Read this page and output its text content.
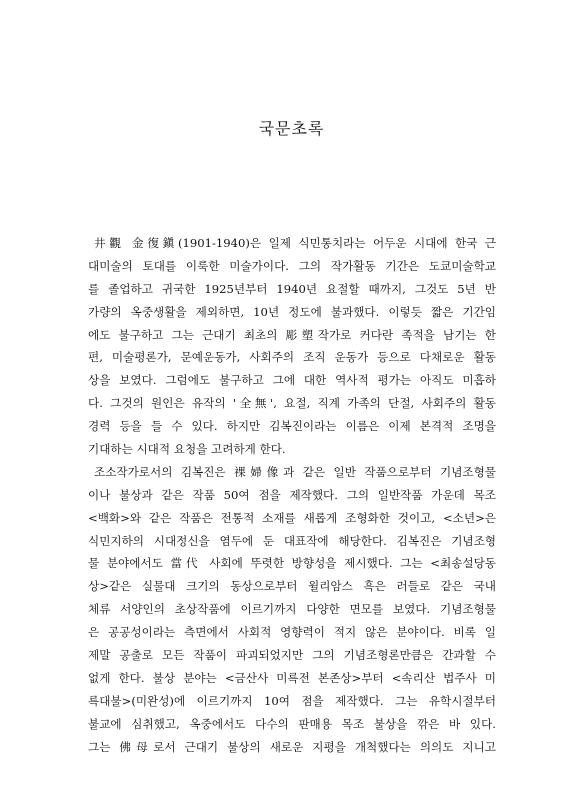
국문초록
井觀 金復鎭(1901-1940)은 일제 식민통치라는 어두운 시대에 한국 근
대미술의 토대를 이룩한 미술가이다. 그의 작가활동 기간은 도쿄미술학교
를 졸업하고 귀국한 1925년부터 1940년 요절할 때까지, 그것도 5년 반
가량의 옥중생활을 제외하면, 10년 정도에 불과했다. 이렇듯 짧은 기간임
에도 불구하고 그는 근대기 최초의 彫塑작가로 커다란 족적을 남기는 한
편, 미술평론가, 문예운동가, 사회주의 조직 운동가 등으로 다채로운 활동
상을 보였다. 그럼에도 불구하고 그에 대한 역사적 평가는 아직도 미흡하
다. 그것의 원인은 유작의 '全無', 요절, 직계 가족의 단절, 사회주의 활동
경력 등을 들 수 있다. 하지만 김복진이라는 이름은 이제 본격적 조명을
기대하는 시대적 요청을 고려하게 한다.
조소작가로서의 김복진은 裸婦像과 같은 일반 작품으로부터 기념조형물
이나 불상과 같은 작품 50여 점을 제작했다. 그의 일반작품 가운데 목조
<백화>와 같은 작품은 전통적 소재를 새롭게 조형화한 것이고, <소년>은
식민지하의 시대정신을 염두에 둔 대표작에 해당한다. 김복진은 기념조형
물 분야에서도 當代 사회에 뚜렷한 방향성을 제시했다. 그는 <최송설당동
상>같은 실물대 크기의 동상으로부터 윌리암스 흑은 러들로 같은 국내
체류 서양인의 초상작품에 이르기까지 다양한 면모를 보였다. 기념조형물
은 공공성이라는 측면에서 사회적 영향력이 적지 않은 분야이다. 비록 일
제말 공출로 모든 작품이 파괴되었지만 그의 기념조형론만큼은 간과할 수
없게 한다. 불상 분야는 <금산사 미륵전 본존상>부터 <속리산 법주사 미
륵대불>(미완성)에 이르기까지 10여 점을 제작했다. 그는 유학시절부터
불교에 심취했고, 옥중에서도 다수의 판매용 목조 불상을 깎은 바 있다.
그는 佛母로서 근대기 불상의 새로운 지평을 개척했다는 의의도 지니고
